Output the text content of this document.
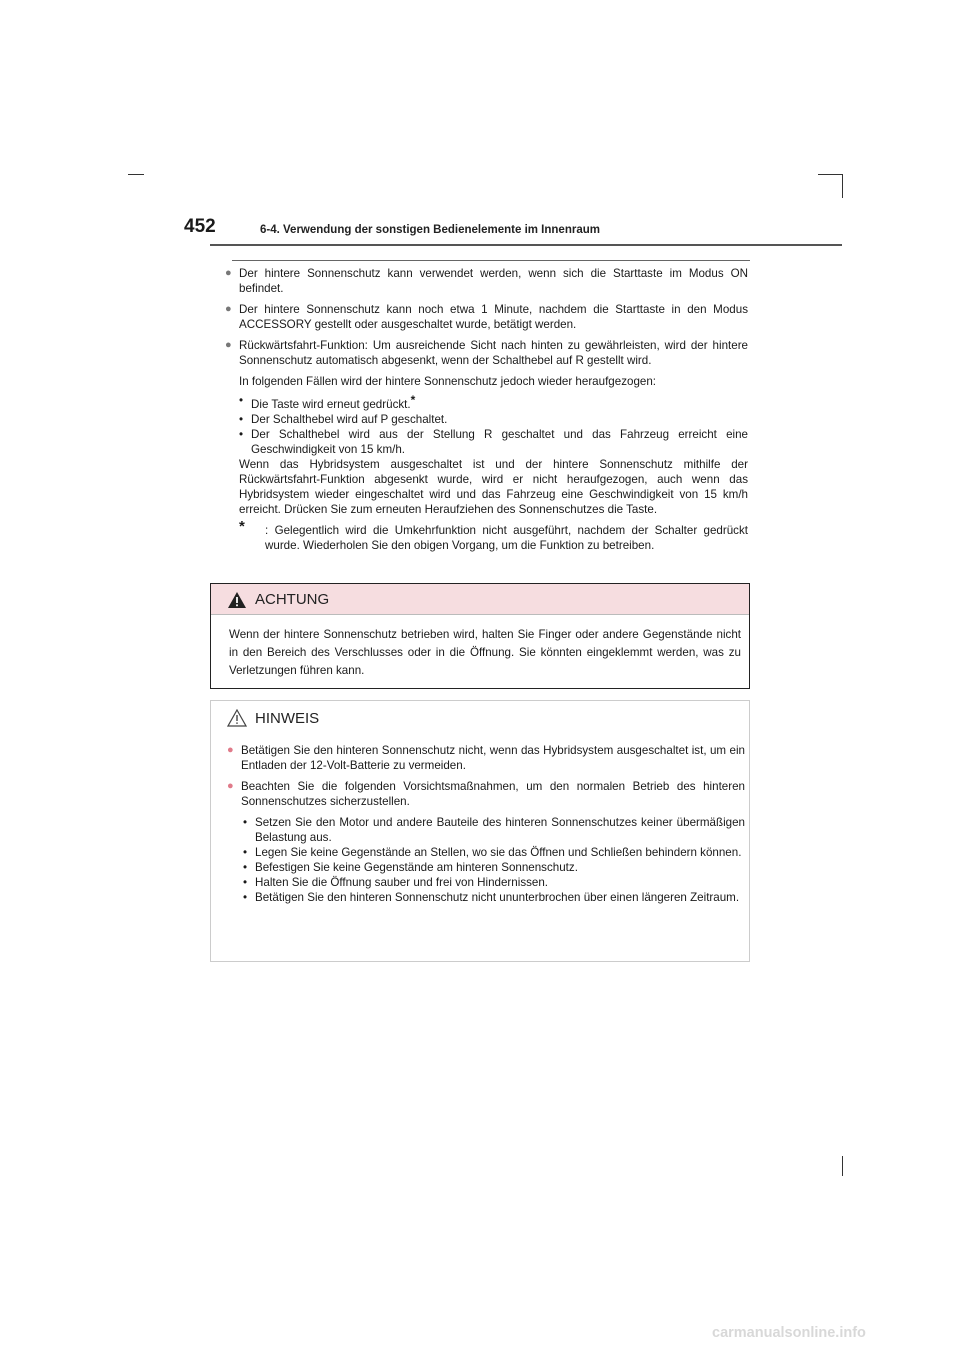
452	6-4. Verwendung der sonstigen Bedienelemente im Innenraum

● Der hintere Sonnenschutz kann verwendet werden, wenn sich die Starttaste im Modus ON befindet.

● Der hintere Sonnenschutz kann noch etwa 1 Minute, nachdem die Starttaste in den Modus ACCESSORY gestellt oder ausgeschaltet wurde, betätigt werden.

● Rückwärtsfahrt-Funktion: Um ausreichende Sicht nach hinten zu gewährleisten, wird der hintere Sonnenschutz automatisch abgesenkt, wenn der Schalthebel auf R gestellt wird.

In folgenden Fällen wird der hintere Sonnenschutz jedoch wieder heraufgezogen:

• Die Taste wird erneut gedrückt.*

• Der Schalthebel wird auf P geschaltet.

• Der Schalthebel wird aus der Stellung R geschaltet und das Fahrzeug erreicht eine Geschwindigkeit von 15 km/h.

Wenn das Hybridsystem ausgeschaltet ist und der hintere Sonnenschutz mithilfe der Rückwärtsfahrt-Funktion abgesenkt wurde, wird er nicht heraufgezogen, auch wenn das Hybridsystem wieder eingeschaltet wird und das Fahrzeug eine Geschwindigkeit von 15 km/h erreicht. Drücken Sie zum erneuten Heraufziehen des Sonnenschutzes die Taste.

* : Gelegentlich wird die Umkehrfunktion nicht ausgeführt, nachdem der Schalter gedrückt wurde. Wiederholen Sie den obigen Vorgang, um die Funktion zu betreiben.

ACHTUNG
Wenn der hintere Sonnenschutz betrieben wird, halten Sie Finger oder andere Gegenstände nicht in den Bereich des Verschlusses oder in die Öffnung. Sie könnten eingeklemmt werden, was zu Verletzungen führen kann.
HINWEIS

● Betätigen Sie den hinteren Sonnenschutz nicht, wenn das Hybridsystem ausgeschaltet ist, um ein Entladen der 12-Volt-Batterie zu vermeiden.

● Beachten Sie die folgenden Vorsichtsmaßnahmen, um den normalen Betrieb des hinteren Sonnenschutzes sicherzustellen.

• Setzen Sie den Motor und andere Bauteile des hinteren Sonnenschutzes keiner übermäßigen Belastung aus.

• Legen Sie keine Gegenstände an Stellen, wo sie das Öffnen und Schließen behindern können.

• Befestigen Sie keine Gegenstände am hinteren Sonnenschutz.

• Halten Sie die Öffnung sauber und frei von Hindernissen.

• Betätigen Sie den hinteren Sonnenschutz nicht ununterbrochen über einen längeren Zeitraum.

carmanualsonline.info
